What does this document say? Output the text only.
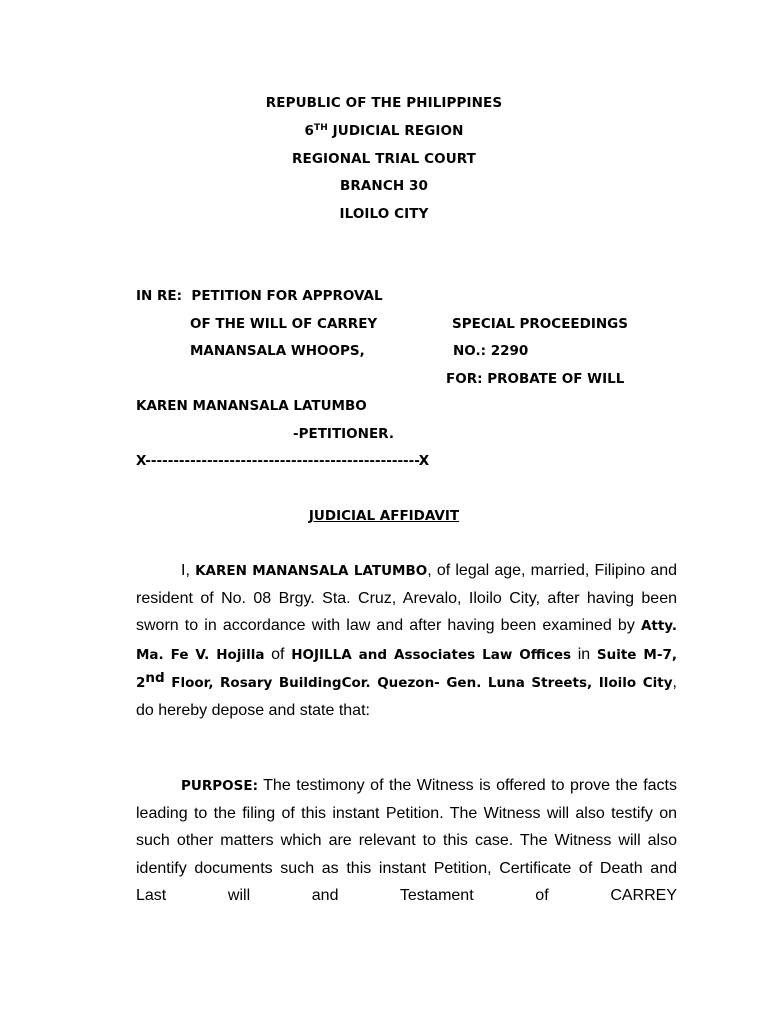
REPUBLIC OF THE PHILIPPINES
6TH JUDICIAL REGION
REGIONAL TRIAL COURT
BRANCH 30
ILOILO CITY
IN RE:  PETITION FOR APPROVAL
OF THE WILL OF CARREY	SPECIAL PROCEEDINGS
MANANSALA WHOOPS,	NO.: 2290
FOR: PROBATE OF WILL
KAREN MANANSALA LATUMBO
-PETITIONER.
X-------------------------------------------------X
JUDICIAL AFFIDAVIT
I, KAREN MANANSALA LATUMBO, of legal age, married, Filipino and resident of No. 08 Brgy. Sta. Cruz, Arevalo, Iloilo City, after having been sworn to in accordance with law and after having been examined by Atty. Ma. Fe V. Hojilla of HOJILLA and Associates Law Offices in Suite M-7, 2nd Floor, Rosary BuildingCor. Quezon- Gen. Luna Streets, Iloilo City, do hereby depose and state that:
PURPOSE: The testimony of the Witness is offered to prove the facts leading to the filing of this instant Petition. The Witness will also testify on such other matters which are relevant to this case. The Witness will also identify documents such as this instant Petition, Certificate of Death and Last will and Testament of CARREY
